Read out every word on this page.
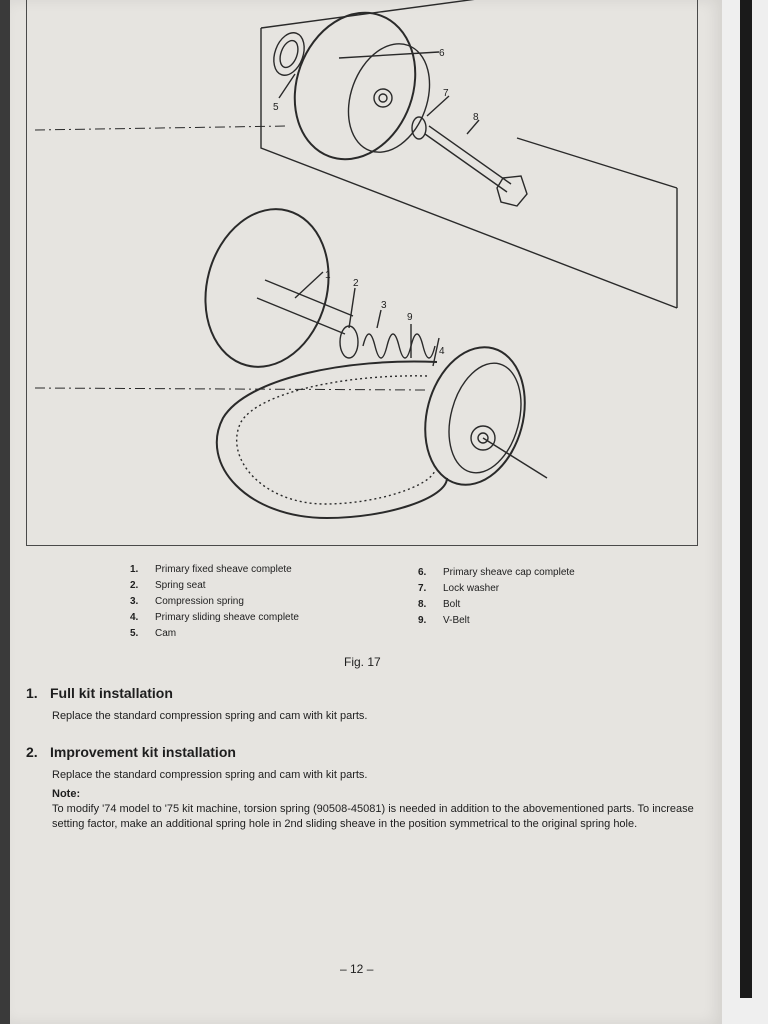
1
2
3
4
5
6
7
8
9
1.	Primary fixed sheave complete
2.	Spring seat
3.	Compression spring
4.	Primary sliding sheave complete
5.	Cam
6.	Primary sheave cap complete
7.	Lock washer
8.	Bolt
9.	V-Belt
Fig. 17
1. Full kit installation
Replace the standard compression spring and cam with kit parts.
2. Improvement kit installation
Replace the standard compression spring and cam with kit parts.
Note:
To modify '74 model to '75 kit machine, torsion spring (90508-45081) is needed in addition to the abovementioned parts. To increase setting factor, make an additional spring hole in 2nd sliding sheave in the position symmetrical to the original spring hole.
– 12 –
